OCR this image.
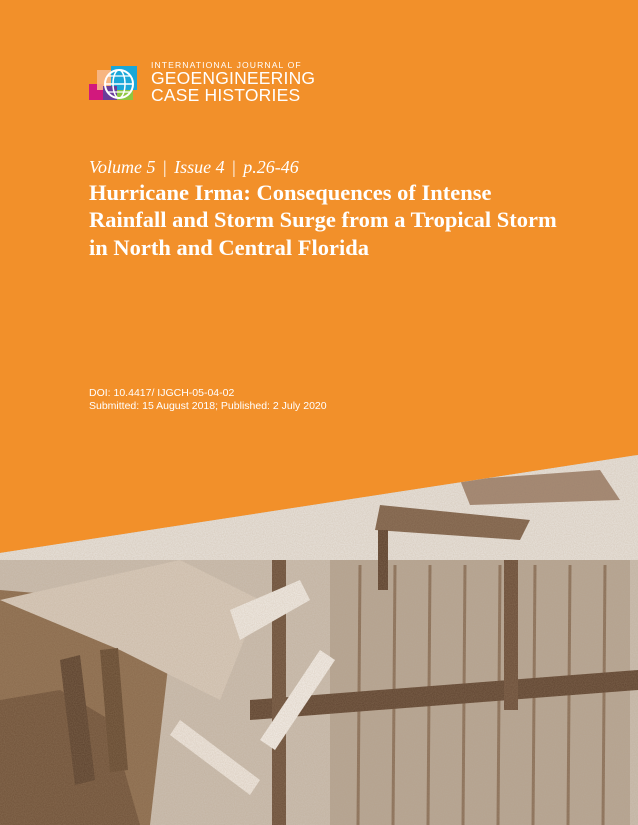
INTERNATIONAL JOURNAL OF
GEOENGINEERING
CASE HISTORIES
Volume 5 | Issue 4 | p.26-46
Hurricane Irma: Consequences of Intense Rainfall and Storm Surge from a Tropical Storm in North and Central Florida
DOI: 10.4417/ IJGCH-05-04-02
Submitted: 15 August 2018; Published: 2 July 2020
